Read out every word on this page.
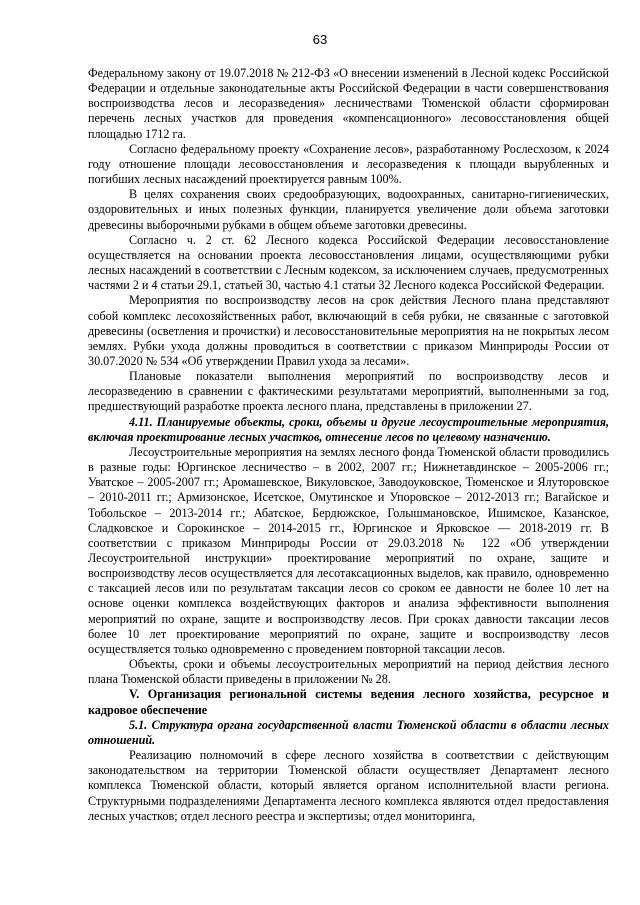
63

Федеральному закону от 19.07.2018 № 212-ФЗ «О внесении изменений в Лесной кодекс Российской Федерации и отдельные законодательные акты Российской Федерации в части совершенствования воспроизводства лесов и лесоразведения» лесничествами Тюменской области сформирован перечень лесных участков для проведения «компенсационного» лесовосстановления общей площадью 1712 га.

Согласно федеральному проекту «Сохранение лесов», разработанному Рослесхозом, к 2024 году отношение площади лесовосстановления и лесоразведения к площади вырубленных и погибших лесных насаждений проектируется равным 100%.

В целях сохранения своих средообразующих, водоохранных, санитарно-гигиенических, оздоровительных и иных полезных функции, планируется увеличение доли объема заготовки древесины выборочными рубками в общем объеме заготовки древесины.

Согласно ч. 2 ст. 62 Лесного кодекса Российской Федерации лесовосстановление осуществляется на основании проекта лесовосстановления лицами, осуществляющими рубки лесных насаждений в соответствии с Лесным кодексом, за исключением случаев, предусмотренных частями 2 и 4 статьи 29.1, статьей 30, частью 4.1 статьи 32 Лесного кодекса Российской Федерации.

Мероприятия по воспроизводству лесов на срок действия Лесного плана представляют собой комплекс лесохозяйственных работ, включающий в себя рубки, не связанные с заготовкой древесины (осветления и прочистки) и лесовосстановительные мероприятия на не покрытых лесом землях. Рубки ухода должны проводиться в соответствии с приказом Минприроды России от 30.07.2020 № 534 «Об утверждении Правил ухода за лесами».

Плановые показатели выполнения мероприятий по воспроизводству лесов и лесоразведению в сравнении с фактическими результатами мероприятий, выполненными за год, предшествующий разработке проекта лесного плана, представлены в приложении 27.

4.11. Планируемые объекты, сроки, объемы и другие лесоустроительные мероприятия, включая проектирование лесных участков, отнесение лесов по целевому назначению.

Лесоустроительные мероприятия на землях лесного фонда Тюменской области проводились в разные годы: Юргинское лесничество – в 2002, 2007 гг.; Нижнетавдинское – 2005-2006 гг.; Уватское – 2005-2007 гг.; Аромашевское, Викуловское, Заводоуковское, Тюменское и Ялуторовское – 2010-2011 гг.; Армизонское, Исетское, Омутинское и Упоровское – 2012-2013 гг.; Вагайское и Тобольское – 2013-2014 гг.; Абатское, Бердюжское, Голышмановское, Ишимское, Казанское, Сладковское и Сорокинское – 2014-2015 гг., Юргинское и Ярковское — 2018-2019 гг. В соответствии с приказом Минприроды России от 29.03.2018 № 122 «Об утверждении Лесоустроительной инструкции» проектирование мероприятий по охране, защите и воспроизводству лесов осуществляется для лесотаксационных выделов, как правило, одновременно с таксацией лесов или по результатам таксации лесов со сроком ее давности не более 10 лет на основе оценки комплекса воздействующих факторов и анализа эффективности выполнения мероприятий по охране, защите и воспроизводству лесов. При сроках давности таксации лесов более 10 лет проектирование мероприятий по охране, защите и воспроизводству лесов осуществляется только одновременно с проведением повторной таксации лесов.

Объекты, сроки и объемы лесоустроительных мероприятий на период действия лесного плана Тюменской области приведены в приложении № 28.

V. Организация региональной системы ведения лесного хозяйства, ресурсное и кадровое обеспечение

5.1. Структура органа государственной власти Тюменской области в области лесных отношений.

Реализацию полномочий в сфере лесного хозяйства в соответствии с действующим законодательством на территории Тюменской области осуществляет Департамент лесного комплекса Тюменской области, который является органом исполнительной власти региона. Структурными подразделениями Департамента лесного комплекса являются отдел предоставления лесных участков; отдел лесного реестра и экспертизы; отдел мониторинга,
